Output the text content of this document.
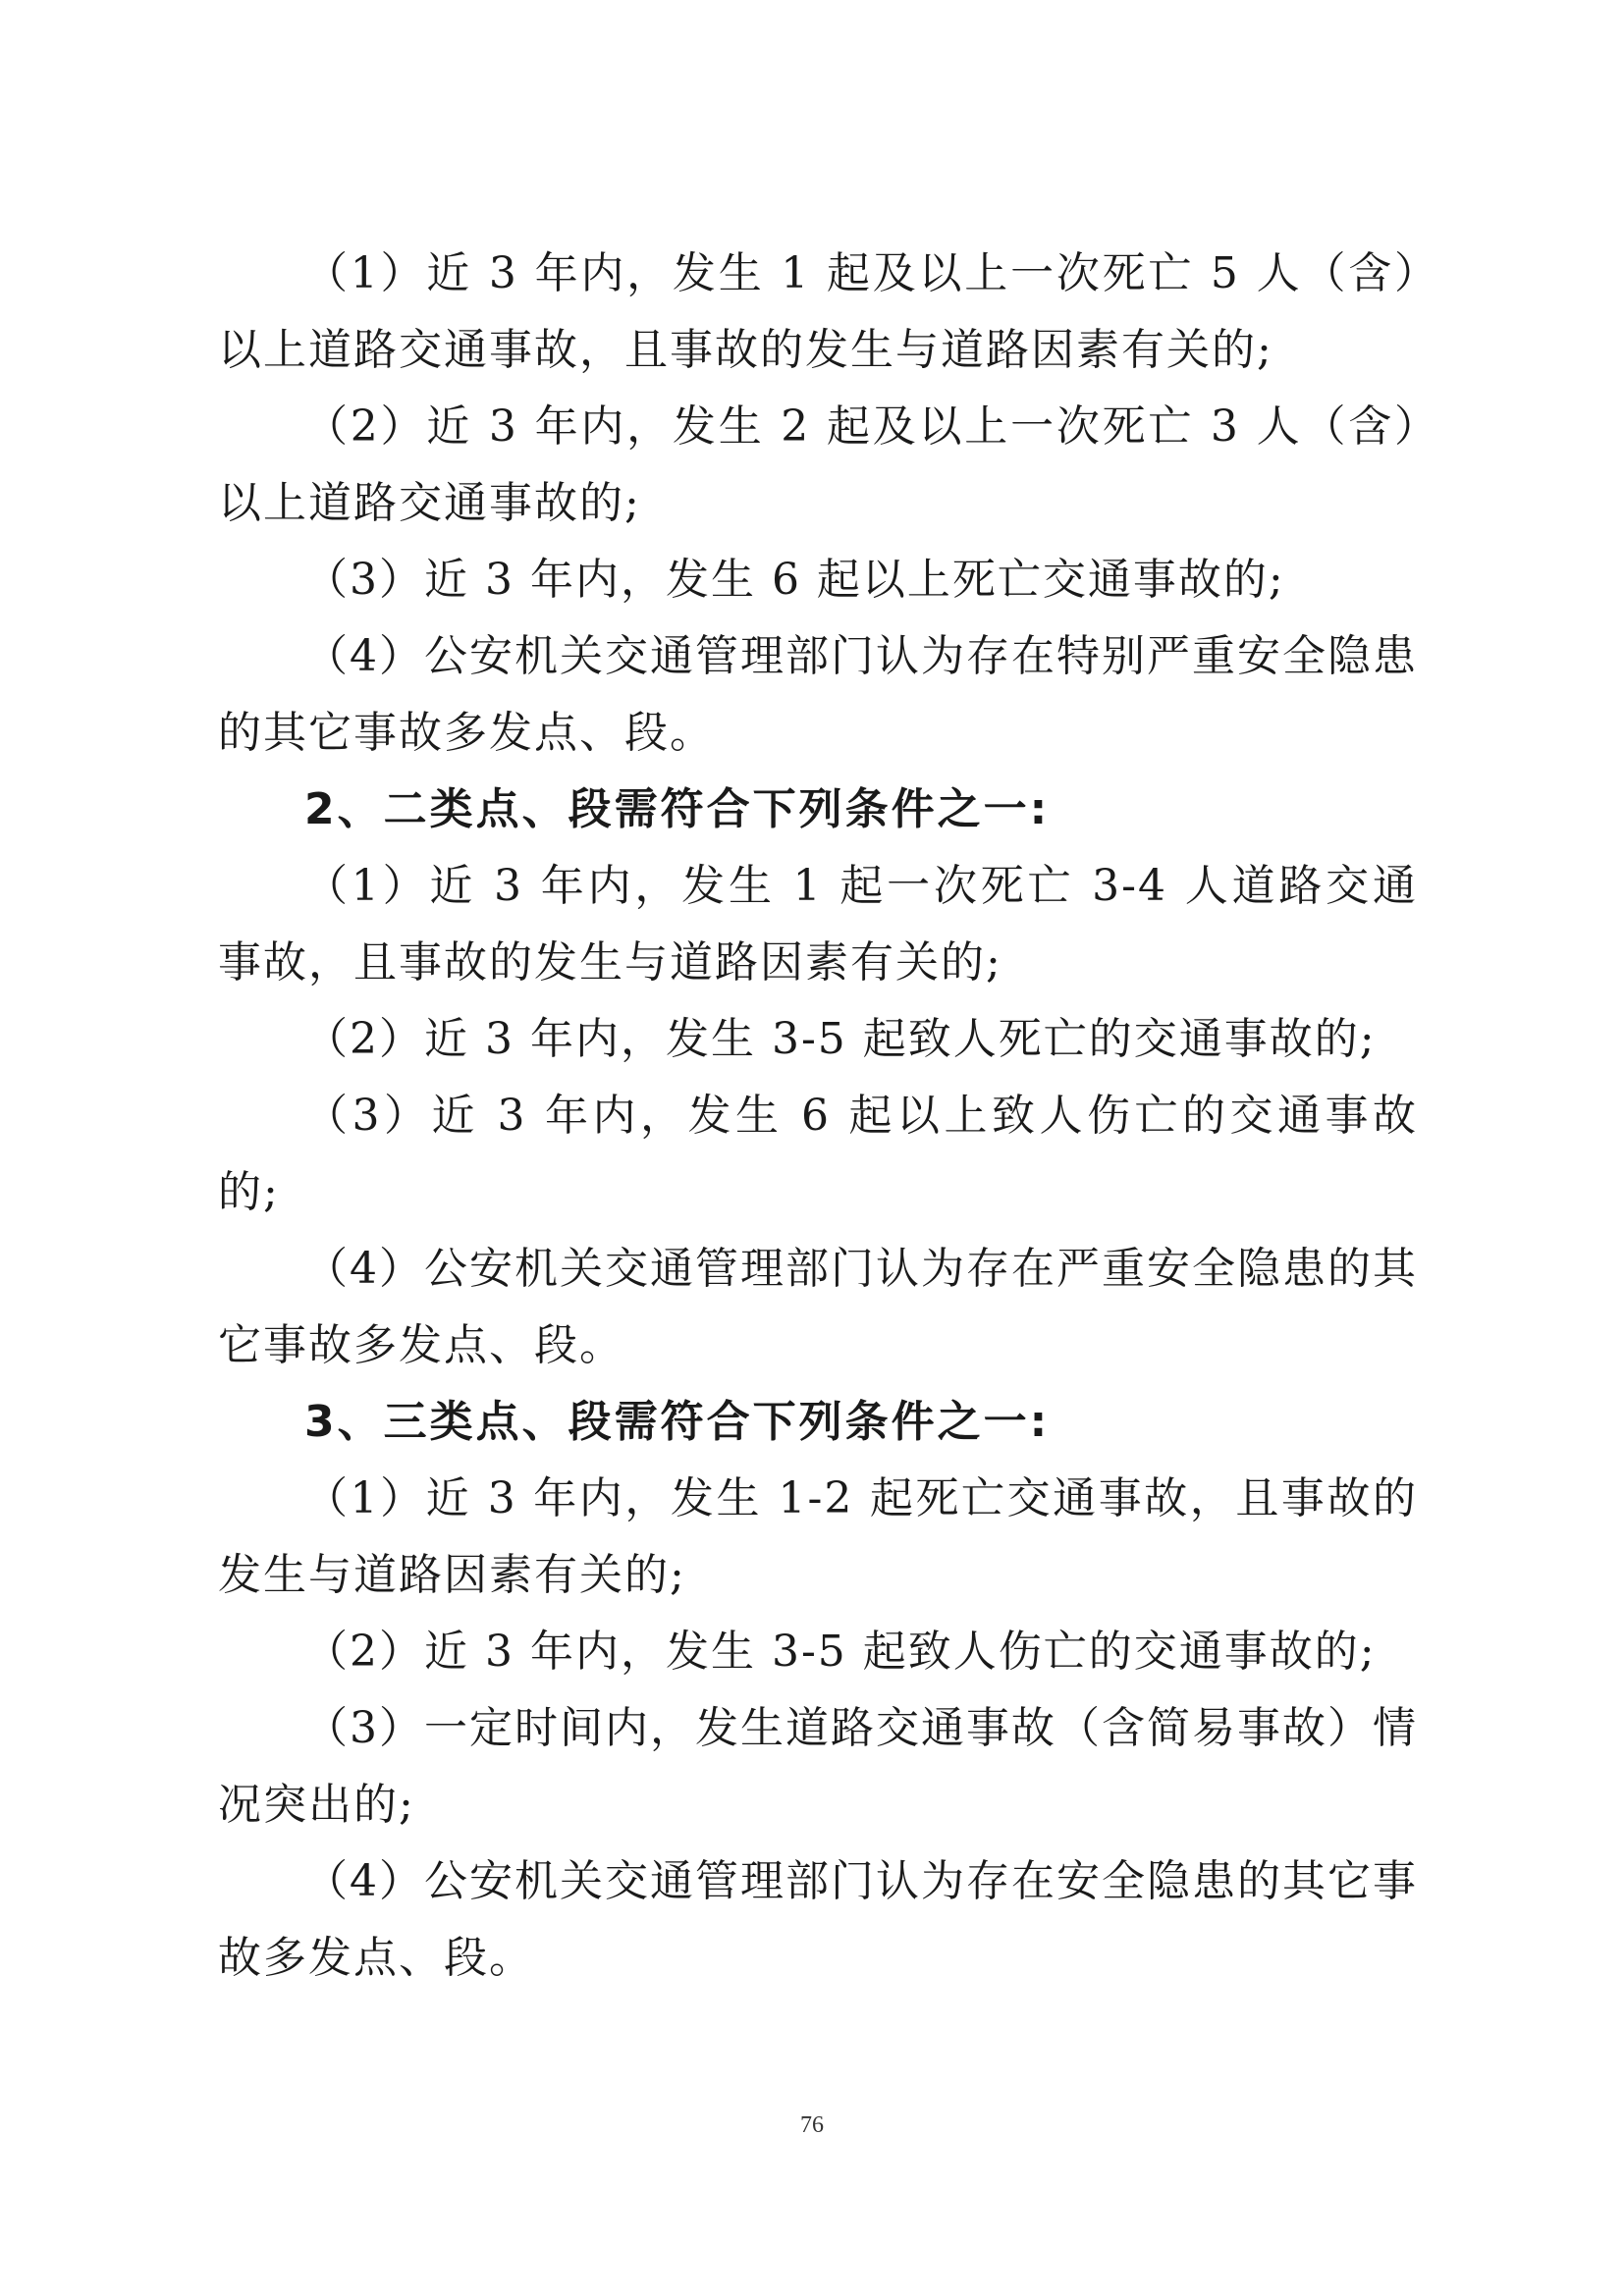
（1）近 3 年内，发生 1 起及以上一次死亡 5 人（含）以上道路交通事故，且事故的发生与道路因素有关的;

（2）近 3 年内，发生 2 起及以上一次死亡 3 人（含）以上道路交通事故的;

（3）近 3 年内，发生 6 起以上死亡交通事故的;

（4）公安机关交通管理部门认为存在特别严重安全隐患的其它事故多发点、段。

2、二类点、段需符合下列条件之一:

（1）近 3 年内，发生 1 起一次死亡 3-4 人道路交通事故，且事故的发生与道路因素有关的;

（2）近 3 年内，发生 3-5 起致人死亡的交通事故的;

（3）近 3 年内，发生 6 起以上致人伤亡的交通事故的;

（4）公安机关交通管理部门认为存在严重安全隐患的其它事故多发点、段。

3、三类点、段需符合下列条件之一:

（1）近 3 年内，发生 1-2 起死亡交通事故，且事故的发生与道路因素有关的;

（2）近 3 年内，发生 3-5 起致人伤亡的交通事故的;

（3）一定时间内，发生道路交通事故（含简易事故）情况突出的;

（4）公安机关交通管理部门认为存在安全隐患的其它事故多发点、段。

76
